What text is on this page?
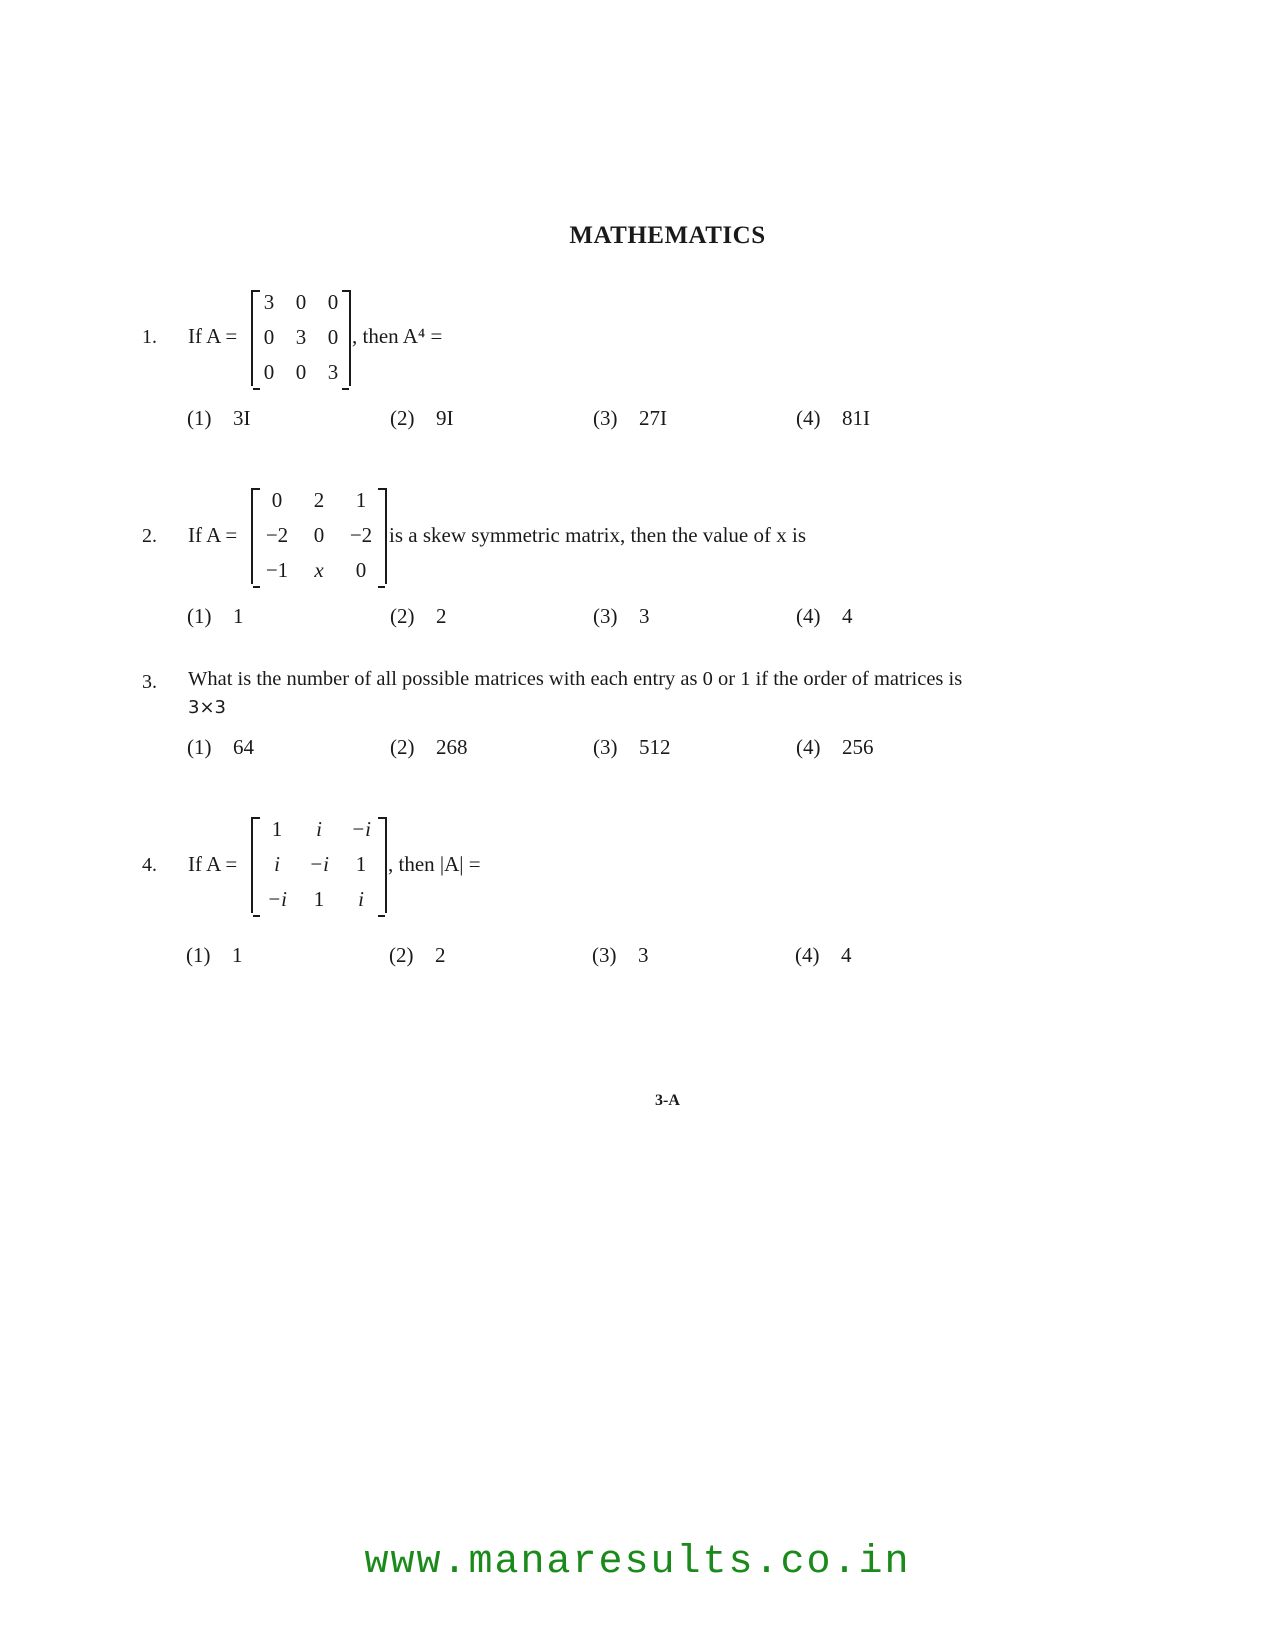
MATHEMATICS
1. If A =
3	0	0
0	3	0
0	0	3
, then A⁴ =
(1) 3I	(2) 9I	(3) 27I	(4) 81I
2. If A =
0	2	1
−2	0	−2
−1	x	0
is a skew symmetric matrix, then the value of x is
(1) 1	(2) 2	(3) 3	(4) 4
3. What is the number of all possible matrices with each entry as 0 or 1 if the order of matrices is
3×3
(1) 64	(2) 268	(3) 512	(4) 256
4. If A =
1	i	−i
i	−i	1
−i	1	i
, then |A| =
(1) 1	(2) 2	(3) 3	(4) 4
3-A
www.manaresults.co.in
